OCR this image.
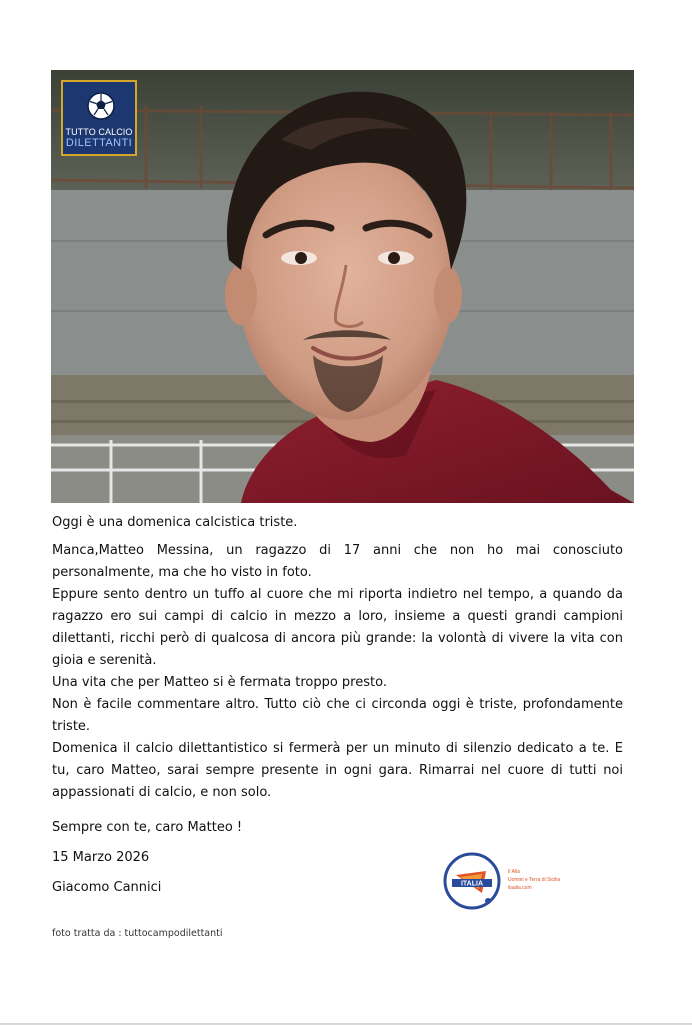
TUTTO CALCIO
DILETTANTI

Oggi è una domenica calcistica triste.

Manca,Matteo Messina, un ragazzo di 17 anni che non ho mai conosciuto personalmente, ma che ho visto in foto.

Eppure sento dentro un tuffo al cuore che mi riporta indietro nel tempo, a quando da ragazzo ero sui campi di calcio in mezzo a loro, insieme a questi grandi campioni dilettanti, ricchi però di qualcosa di ancora più grande: la volontà di vivere la vita con gioia e serenità.

Una vita che per Matteo si è fermata troppo presto.

Non è facile commentare altro. Tutto ciò che ci circonda oggi è triste, profondamente triste.

Domenica il calcio dilettantistico si fermerà per un minuto di silenzio dedicato a te. E tu, caro Matteo, sarai sempre presente in ogni gara. Rimarrai nel cuore di tutti noi appassionati di calcio, e non solo.

Sempre con te, caro Matteo !
15 Marzo 2026
Giacomo Cannici
foto tratta da : tuttocampodilettanti
ITALIA
Il Alia
Uomini e Terra di Sicilia
ilaalia.com
